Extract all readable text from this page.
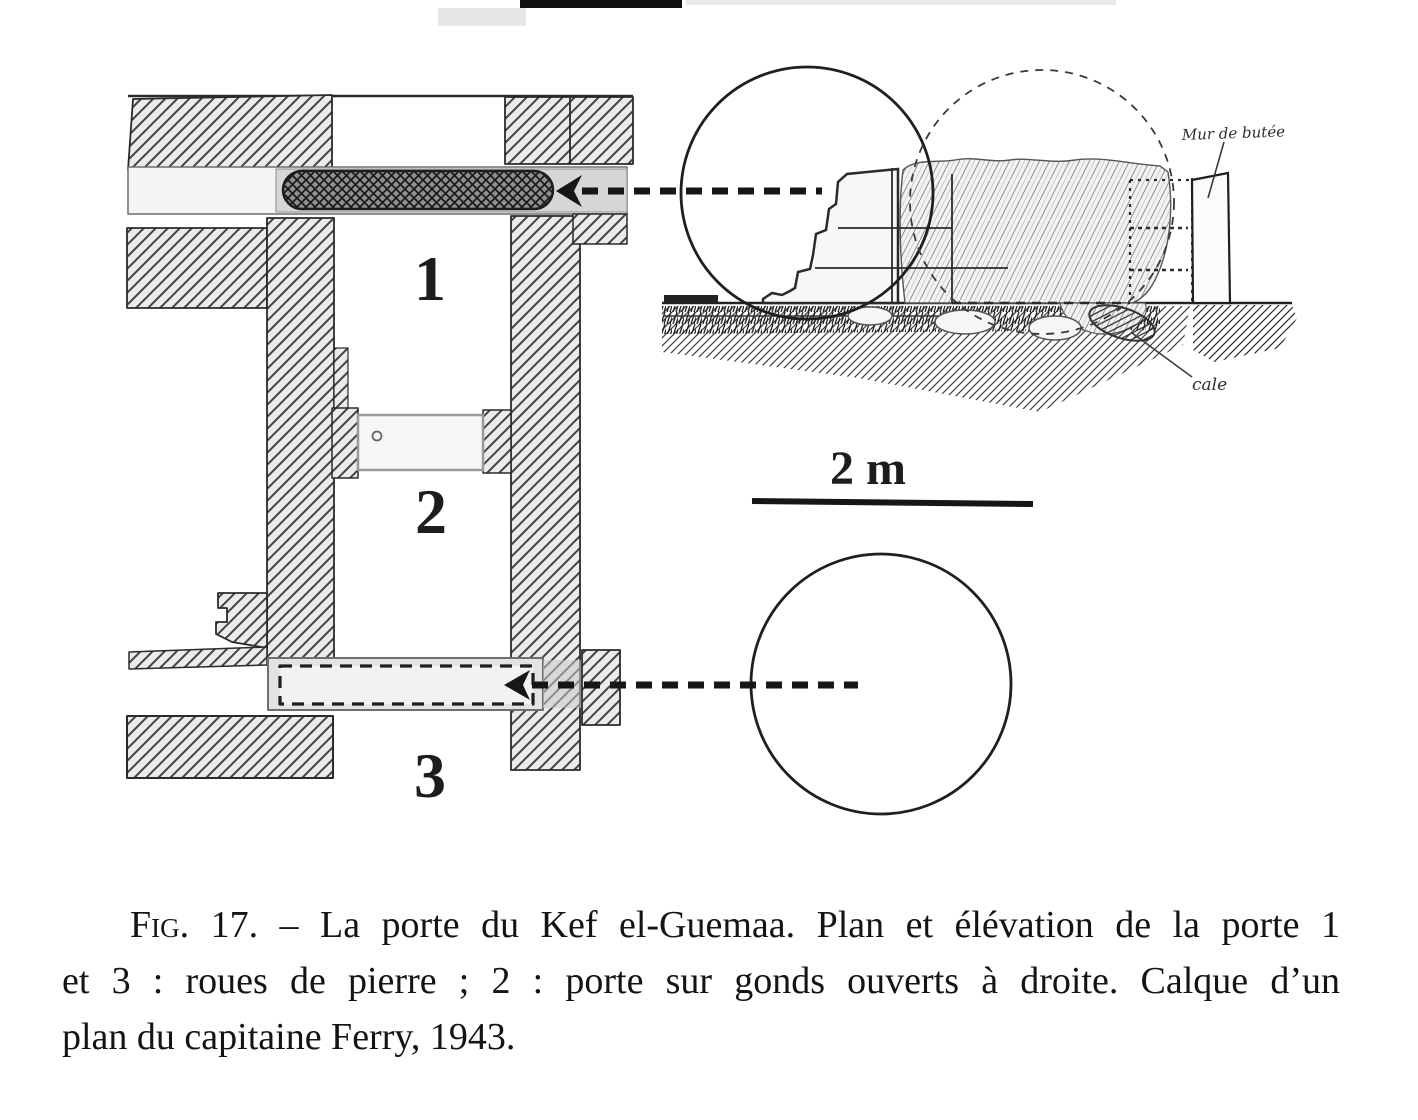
1
2
3
Mur de butée
cale
2 m
Fig. 17. – La porte du Kef el-Guemaa. Plan et élévation de la porte 1
et 3 : roues de pierre ; 2 : porte sur gonds ouverts à droite. Calque d’un
plan du capitaine Ferry, 1943.
